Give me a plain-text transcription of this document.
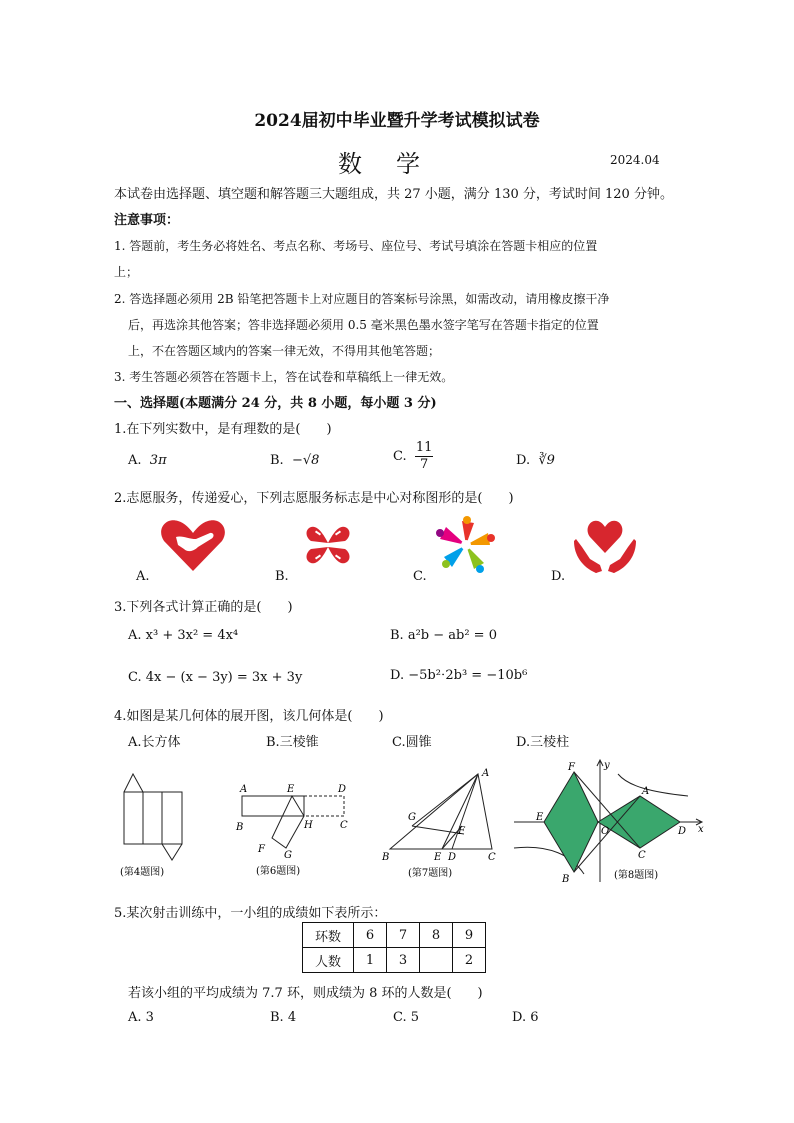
2024届初中毕业暨升学考试模拟试卷
数学	2024.04
本试卷由选择题、填空题和解答题三大题组成，共 27 小题，满分 130 分，考试时间 120 分钟。
注意事项：
1. 答题前，考生务必将姓名、考点名称、考场号、座位号、考试号填涂在答题卡相应的位置
上；
2. 答选择题必须用 2B 铅笔把答题卡上对应题目的答案标号涂黑，如需改动，请用橡皮擦干净
后，再选涂其他答案；答非选择题必须用 0.5 毫米黑色墨水签字笔写在答题卡指定的位置
上，不在答题区域内的答案一律无效，不得用其他笔答题；
3. 考生答题必须答在答题卡上，答在试卷和草稿纸上一律无效。
一、选择题(本题满分 24 分，共 8 小题，每小题 3 分)
1.在下列实数中，是有理数的是(　　)
A. 3π	B. −√8	C. $\frac{11}{7}$	D. ∛9
2.志愿服务，传递爱心，下列志愿服务标志是中心对称图形的是(　　)
A.	B.	C.	D.
3.下列各式计算正确的是(　　)
A. x³ + 3x² = 4x⁴	B. a²b − ab² = 0
C. 4x − (x − 3y) = 3x + 3y	D. −5b²⋅2b³ = −10b⁶
4.如图是某几何体的展开图，该几何体是(　　)
A.长方体	B.三棱锥	C.圆锥	D.三棱柱
(第4题图)
A	E	D
B	H	C
F
G
(第6题图)
A
G
F
B	E D	C
(第7题图)
y
F
A
E
O	D x
C
B	(第8题图)
5.某次射击训练中，一小组的成绩如下表所示：
环数	6	7	8	9
人数	1	3		2
若该小组的平均成绩为 7.7 环，则成绩为 8 环的人数是(　　)
A. 3	B. 4	C. 5	D. 6
